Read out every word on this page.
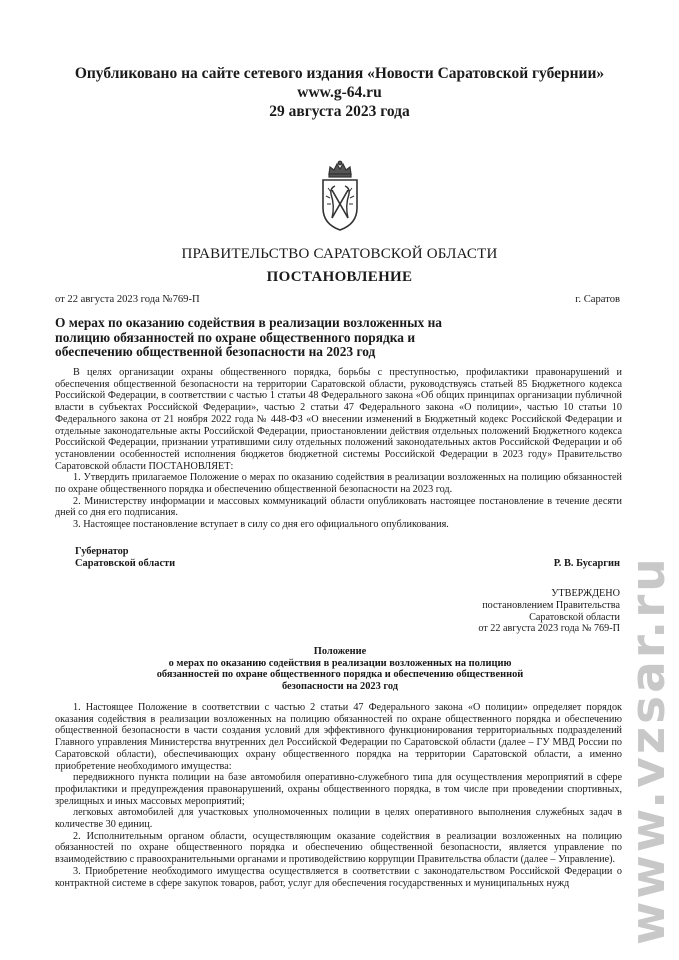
Опубликовано на сайте сетевого издания «Новости Саратовской губернии»
www.g-64.ru
29 августа 2023 года
ПРАВИТЕЛЬСТВО САРАТОВСКОЙ ОБЛАСТИ
ПОСТАНОВЛЕНИЕ
от 22 августа 2023 года №769-П	г. Саратов
О мерах по оказанию содействия в реализации возложенных на полицию обязанностей по охране общественного порядка и обеспечению общественной безопасности на 2023 год

В целях организации охраны общественного порядка, борьбы с преступностью, профилактики правонарушений и обеспечения общественной безопасности на территории Саратовской области, руководствуясь статьей 85 Бюджетного кодекса Российской Федерации, в соответствии с частью 1 статьи 48 Федерального закона «Об общих принципах организации публичной власти в субъектах Российской Федерации», частью 2 статьи 47 Федерального закона «О полиции», частью 10 статьи 10 Федерального закона от 21 ноября 2022 года № 448-ФЗ «О внесении изменений в Бюджетный кодекс Российской Федерации и отдельные законодательные акты Российской Федерации, приостановлении действия отдельных положений Бюджетного кодекса Российской Федерации, признании утратившими силу отдельных положений законодательных актов Российской Федерации и об установлении особенностей исполнения бюджетов бюджетной системы Российской Федерации в 2023 году» Правительство Саратовской области ПОСТАНОВЛЯЕТ:

1. Утвердить прилагаемое Положение о мерах по оказанию содействия в реализации возложенных на полицию обязанностей по охране общественного порядка и обеспечению общественной безопасности на 2023 год.

2. Министерству информации и массовых коммуникаций области опубликовать настоящее постановление в течение десяти дней со дня его подписания.

3. Настоящее постановление вступает в силу со дня его официального опубликования.

Губернатор
Саратовской области	Р. В. Бусаргин
УТВЕРЖДЕНО
постановлением Правительства
Саратовской области
от 22 августа 2023 года № 769-П
Положение
о мерах по оказанию содействия в реализации возложенных на полицию обязанностей по охране общественного порядка и обеспечению общественной безопасности на 2023 год

1. Настоящее Положение в соответствии с частью 2 статьи 47 Федерального закона «О полиции» определяет порядок оказания содействия в реализации возложенных на полицию обязанностей по охране общественного порядка и обеспечению общественной безопасности в части создания условий для эффективного функционирования территориальных подразделений Главного управления Министерства внутренних дел Российской Федерации по Саратовской области (далее – ГУ МВД России по Саратовской области), обеспечивающих охрану общественного порядка на территории Саратовской области, а именно приобретение необходимого имущества:

передвижного пункта полиции на базе автомобиля оперативно-служебного типа для осуществления мероприятий в сфере профилактики и предупреждения правонарушений, охраны общественного порядка, в том числе при проведении спортивных, зрелищных и иных массовых мероприятий;

легковых автомобилей для участковых уполномоченных полиции в целях оперативного выполнения служебных задач в количестве 30 единиц.

2. Исполнительным органом области, осуществляющим оказание содействия в реализации возложенных на полицию обязанностей по охране общественного порядка и обеспечению общественной безопасности, является управление по взаимодействию с правоохранительными органами и противодействию коррупции Правительства области (далее – Управление).

3. Приобретение необходимого имущества осуществляется в соответствии с законодательством Российской Федерации о контрактной системе в сфере закупок товаров, работ, услуг для обеспечения государственных и муниципальных нужд	www.vzsar.ru
